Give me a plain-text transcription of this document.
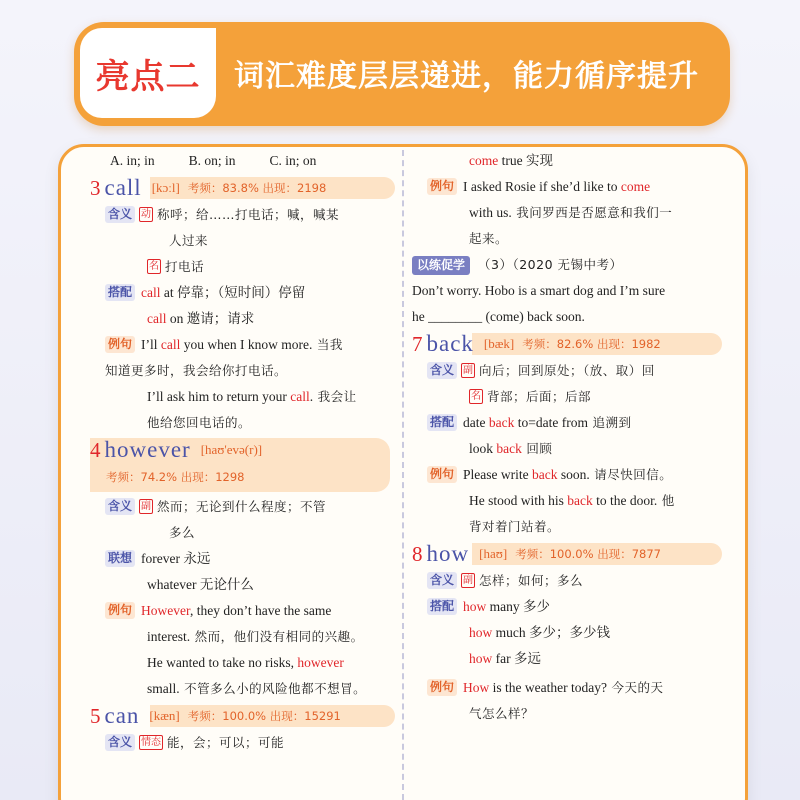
亮点二	词汇难度层层递进，能力循序提升
A. in; in	B. on; in	C. in; on
3 call [kɔːl] 考频：83.8% 出现：2198
含义 动 称呼；给……打电话；喊，喊某
人过来
名 打电话
搭配 call at 停靠；（短时间）停留
call on 邀请；请求
例句 I’ll call you when I know more. 当我
知道更多时，我会给你打电话。
I’ll ask him to return your call. 我会让
他给您回电话的。
4 however [haʊ'evə(r)]
考频：74.2% 出现：1298
含义 副 然而；无论到什么程度；不管
多么
联想 forever 永远
whatever 无论什么
例句 However, they don’t have the same
interest. 然而，他们没有相同的兴趣。
He wanted to take no risks, however
small. 不管多么小的风险他都不想冒。
5 can [kæn] 考频：100.0% 出现：15291
含义 情态 能，会；可以；可能
come true 实现
例句 I asked Rosie if she’d like to come
with us. 我问罗西是否愿意和我们一
起来。
以练促学 （3）（2020 无锡中考）
Don’t worry. Hobo is a smart dog and I’m sure
he ________ (come) back soon.
7 back [bæk] 考频：82.6% 出现：1982
含义 副 向后；回到原处；（放、取）回
名 背部；后面；后部
搭配 date back to=date from 追溯到
look back 回顾
例句 Please write back soon. 请尽快回信。
He stood with his back to the door. 他
背对着门站着。
8 how [haʊ] 考频：100.0% 出现：7877
含义 副 怎样；如何；多么
搭配 how many 多少
how much 多少；多少钱
how far 多远
例句 How is the weather today? 今天的天
气怎么样？
